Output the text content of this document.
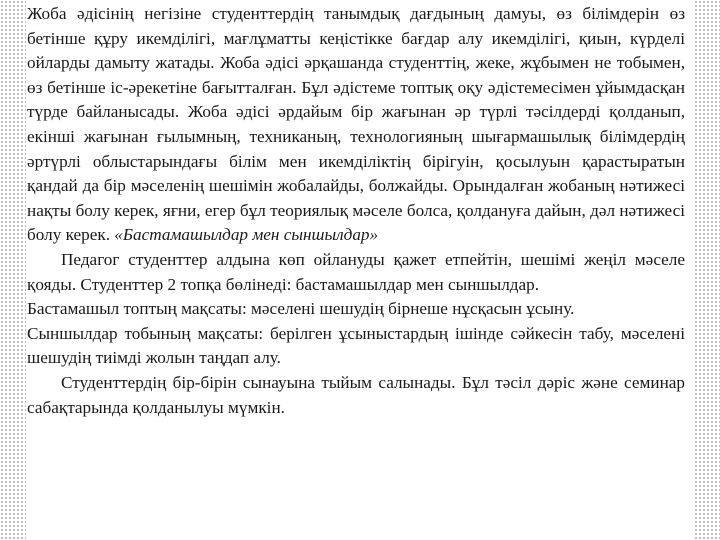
Жоба әдісінің негізіне студенттердің танымдық дағдының дамуы, өз білімдерін өз бетінше құру икемділігі, мағлұматты кеңістікке бағдар алу икемділігі, қиын, күрделі ойларды дамыту жатады. Жоба әдісі әрқашанда студенттің, жеке, жұбымен не тобымен, өз бетінше іс-әрекетіне бағытталған. Бұл әдістеме топтық оқу әдістемесімен ұйымдасқан түрде байланысады. Жоба әдісі әрдайым бір жағынан әр түрлі тәсілдерді қолданып, екінші жағынан ғылымның, техниканың, технологияның шығармашылық білімдердің әртүрлі облыстарындағы білім мен икемділіктің бірігуін, қосылуын қарастыратын қандай да бір мәселенің шешімін жобалайды, болжайды. Орындалған жобаның нәтижесі нақты болу керек, яғни, егер бұл теориялық мәселе болса, қолдануға дайын, дәл нәтижесі болу керек. «Бастамашылдар мен сыншылдар»

Педагог студенттер алдына көп ойлануды қажет етпейтін, шешімі жеңіл мәселе қояды. Студенттер 2 топқа бөлінеді: бастамашылдар мен сыншылдар.

Бастамашыл топтың мақсаты: мәселені шешудің бірнеше нұсқасын ұсыну.

Сыншылдар тобының мақсаты: берілген ұсыныстардың ішінде сәйкесін табу, мәселені шешудің тиімді жолын таңдап алу.

Студенттердің бір-бірін сынауына тыйым салынады. Бұл тәсіл дәріс және семинар сабақтарында қолданылуы мүмкін.
